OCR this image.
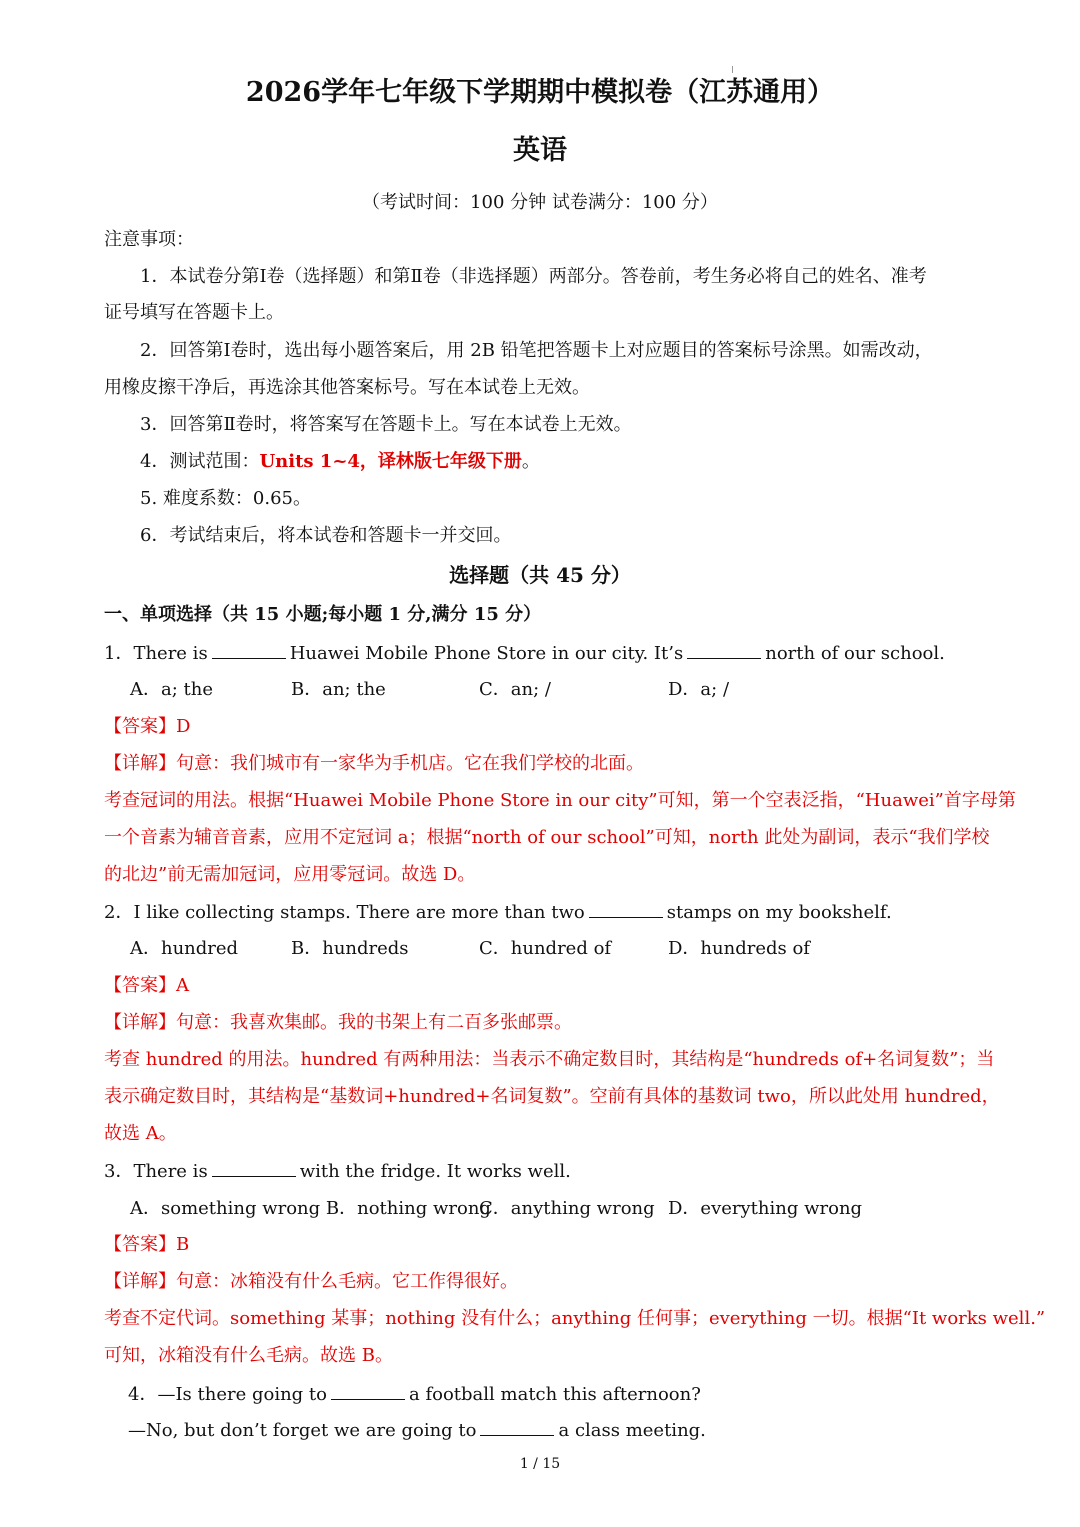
2026学年七年级下学期期中模拟卷（江苏通用）
英语
（考试时间：100 分钟 试卷满分：100 分）
注意事项：
1．本试卷分第Ⅰ卷（选择题）和第Ⅱ卷（非选择题）两部分。答卷前，考生务必将自己的姓名、准考
证号填写在答题卡上。
2．回答第Ⅰ卷时，选出每小题答案后，用 2B 铅笔把答题卡上对应题目的答案标号涂黑。如需改动，
用橡皮擦干净后，再选涂其他答案标号。写在本试卷上无效。
3．回答第Ⅱ卷时，将答案写在答题卡上。写在本试卷上无效。
4．测试范围：Units 1~4，译林版七年级下册。
5. 难度系数：0.65。
6．考试结束后，将本试卷和答题卡一并交回。
选择题（共 45 分）
一、单项选择（共 15 小题;每小题 1 分,满分 15 分）
1．There is	Huawei Mobile Phone Store in our city. It’s	north of our school.
A．a; the	B．an; the	C．an; /	D．a; /
【答案】D
【详解】句意：我们城市有一家华为手机店。它在我们学校的北面。
考查冠词的用法。根据“Huawei Mobile Phone Store in our city”可知，第一个空表泛指，“Huawei”首字母第
一个音素为辅音音素，应用不定冠词 a；根据“north of our school”可知，north 此处为副词，表示“我们学校
的北边”前无需加冠词，应用零冠词。故选 D。
2．I like collecting stamps. There are more than two	stamps on my bookshelf.
A．hundred	B．hundreds	C．hundred of	D．hundreds of
【答案】A
【详解】句意：我喜欢集邮。我的书架上有二百多张邮票。
考查 hundred 的用法。hundred 有两种用法：当表示不确定数目时，其结构是“hundreds of+名词复数”；当
表示确定数目时，其结构是“基数词+hundred+名词复数”。空前有具体的基数词 two，所以此处用 hundred，
故选 A。
3．There is	with the fridge. It works well.
A．something wrong B．nothing wrong
C．anything wrong D．everything wrong
【答案】B
【详解】句意：冰箱没有什么毛病。它工作得很好。
考查不定代词。something 某事；nothing 没有什么；anything 任何事；everything 一切。根据“It works well.”
可知，冰箱没有什么毛病。故选 B。
4．—Is there going to	a football match this afternoon?
—No, but don’t forget we are going to	a class meeting.
1 / 15
